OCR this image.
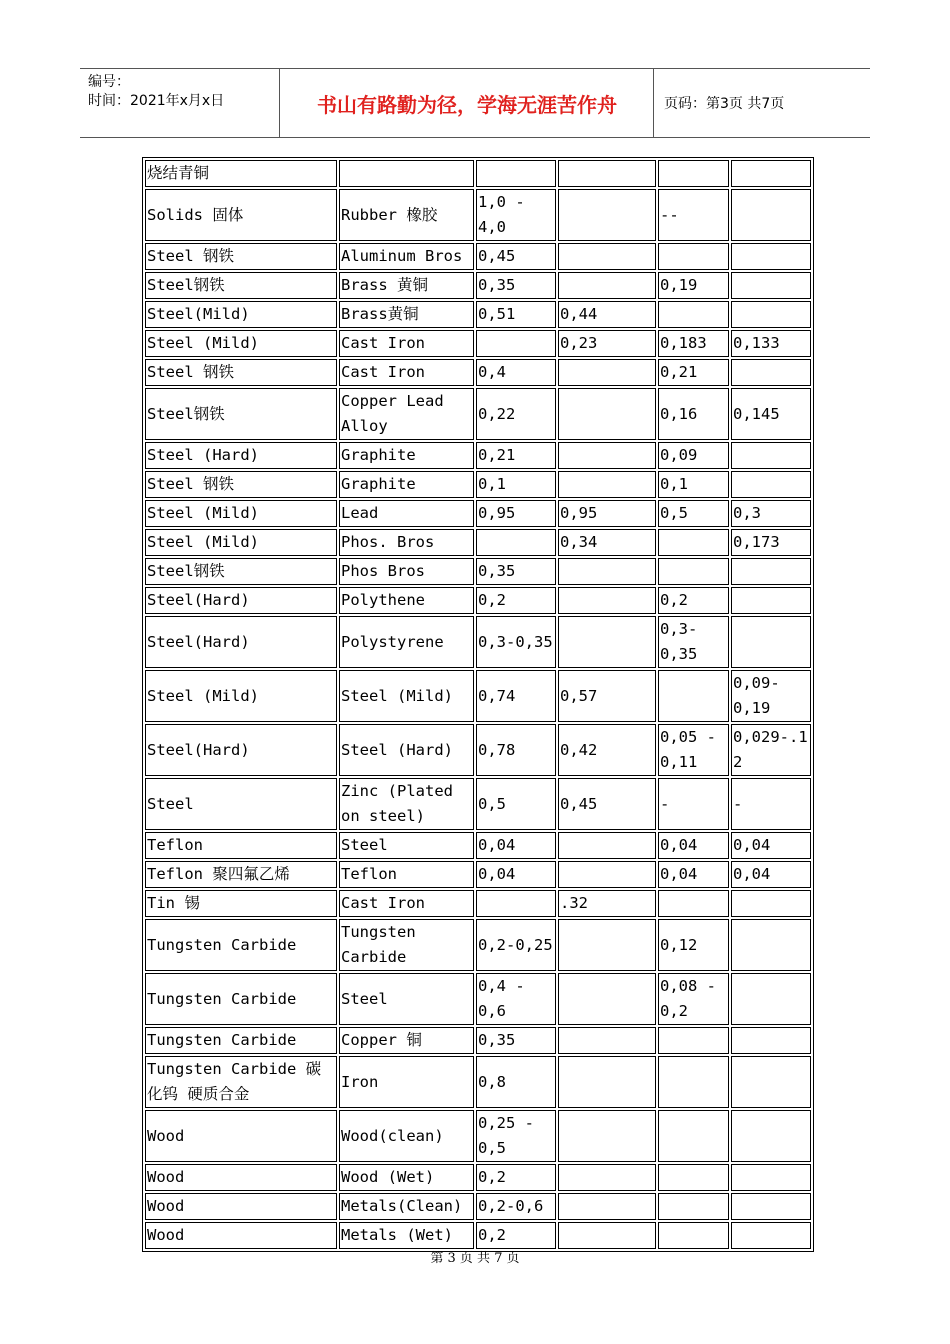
编号：
时间：2021年x月x日	书山有路勤为径，学海无涯苦作舟	页码：第3页 共7页
烧结青铜					
Solids 固体	Rubber 橡胶	1,0 - 4,0		--	
Steel 钢铁	Aluminum Bros	0,45			
Steel钢铁	Brass 黄铜	0,35		0,19	
Steel(Mild)	Brass黄铜	0,51	0,44		
Steel (Mild)	Cast Iron		0,23	0,183	0,133
Steel 钢铁	Cast Iron	0,4		0,21	
Steel钢铁	Copper Lead Alloy	0,22		0,16	0,145
Steel (Hard)	Graphite	0,21		0,09	
Steel 钢铁	Graphite	0,1		0,1	
Steel (Mild)	Lead	0,95	0,95	0,5	0,3
Steel (Mild)	Phos. Bros		0,34		0,173
Steel钢铁	Phos Bros	0,35			
Steel(Hard)	Polythene	0,2		0,2	
Steel(Hard)	Polystyrene	0,3-0,35		0,3-0,35	
Steel (Mild)	Steel (Mild)	0,74	0,57		0,09-0,19
Steel(Hard)	Steel (Hard)	0,78	0,42	0,05 - 0,11	0,029-.12
Steel	Zinc (Plated on steel)	0,5	0,45	-	-
Teflon	Steel	0,04		0,04	0,04
Teflon 聚四氟乙烯	Teflon	0,04		0,04	0,04
Tin 锡	Cast Iron		.32		
Tungsten Carbide	Tungsten Carbide	0,2-0,25		0,12	
Tungsten Carbide	Steel	0,4 - 0,6		0,08 - 0,2	
Tungsten Carbide	Copper 铜	0,35			
Tungsten Carbide 碳化钨 硬质合金	Iron	0,8			
Wood	Wood(clean)	0,25 - 0,5			
Wood	Wood (Wet)	0,2			
Wood	Metals(Clean)	0,2-0,6			
Wood	Metals (Wet)	0,2			
第 3 页 共 7 页
